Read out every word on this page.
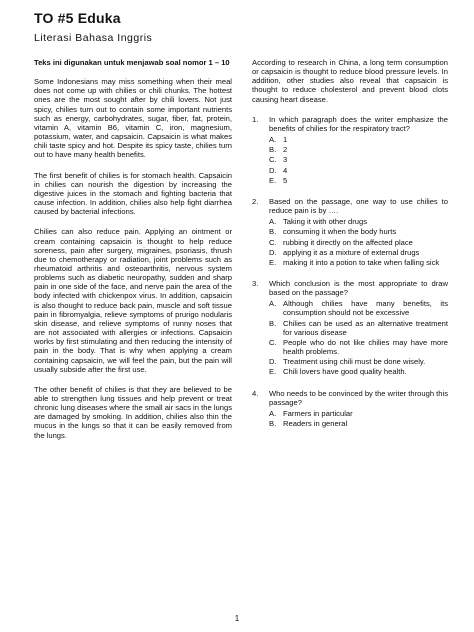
TO #5 Eduka
Literasi Bahasa Inggris

Teks ini digunakan untuk menjawab soal nomor 1 – 10

Some Indonesians may miss something when their meal does not come up with chilies or chili chunks. The hottest ones are the most sought after by chili lovers. Not just spicy, chilies turn out to contain some important nutrients such as energy, carbohydrates, sugar, fiber, fat, protein, vitamin A, vitamin B6, vitamin C, iron, magnesium, potassium, water, and capsaicin. Capsaicin is what makes chili taste spicy and hot. Despite its spicy taste, chilies turn out to have many health benefits.

The first benefit of chilies is for stomach health. Capsaicin in chilies can nourish the digestion by increasing the digestive juices in the stomach and fighting bacteria that cause infection. In addition, chilies also help fight diarrhea caused by bacterial infections.

Chilies can also reduce pain. Applying an ointment or cream containing capsaicin is thought to help reduce soreness, pain after surgery, migraines, psoriasis, thrush due to chemotherapy or radiation, joint problems such as rheumatoid arthritis and osteoarthritis, nervous system problems such as diabetic neuropathy, sudden and sharp pain in one side of the face, and nerve pain the area of the body infected with chickenpox virus. In addition, capsaicin is also thought to reduce back pain, muscle and soft tissue pain in fibromyalgia, relieve symptoms of prurigo nodularis skin disease, and relieve symptoms of runny noses that are not associated with allergies or infections. Capsaicin works by first stimulating and then reducing the intensity of pain in the body. That is why when applying a cream containing capsaicin, we will feel the pain, but the pain will usually subside after the first use.

The other benefit of chilies is that they are believed to be able to strengthen lung tissues and help prevent or treat chronic lung diseases where the small air sacs in the lungs are damaged by smoking. In addition, chilies also thin the mucus in the lungs so that it can be easily removed from the lungs.

According to research in China, a long term consumption or capsaicin is thought to reduce blood pressure levels. In addition, other studies also reveal that capsaicin is thought to reduce cholesterol and prevent blood clots causing heart disease.

1.	In which paragraph does the writer emphasize the benefits of chilies for the respiratory tract?
A. 1
B. 2
C. 3
D. 4
E. 5
2.	Based on the passage, one way to use chilies to reduce pain is by ….
A. Taking it with other drugs
B. consuming it when the body hurts
C. rubbing it directly on the affected place
D. applying it as a mixture of external drugs
E. making it into a potion to take when falling sick
3.	Which conclusion is the most appropriate to draw based on the passage?
A. Although chilies have many benefits, its consumption should not be excessive
B. Chilies can be used as an alternative treatment for various disease
C. People who do not like chilies may have more health problems.
D. Treatment using chili must be done wisely.
E. Chili lovers have good quality health.
4.	Who needs to be convinced by the writer through this passage?
A. Farmers in particular
B. Readers in general
1
